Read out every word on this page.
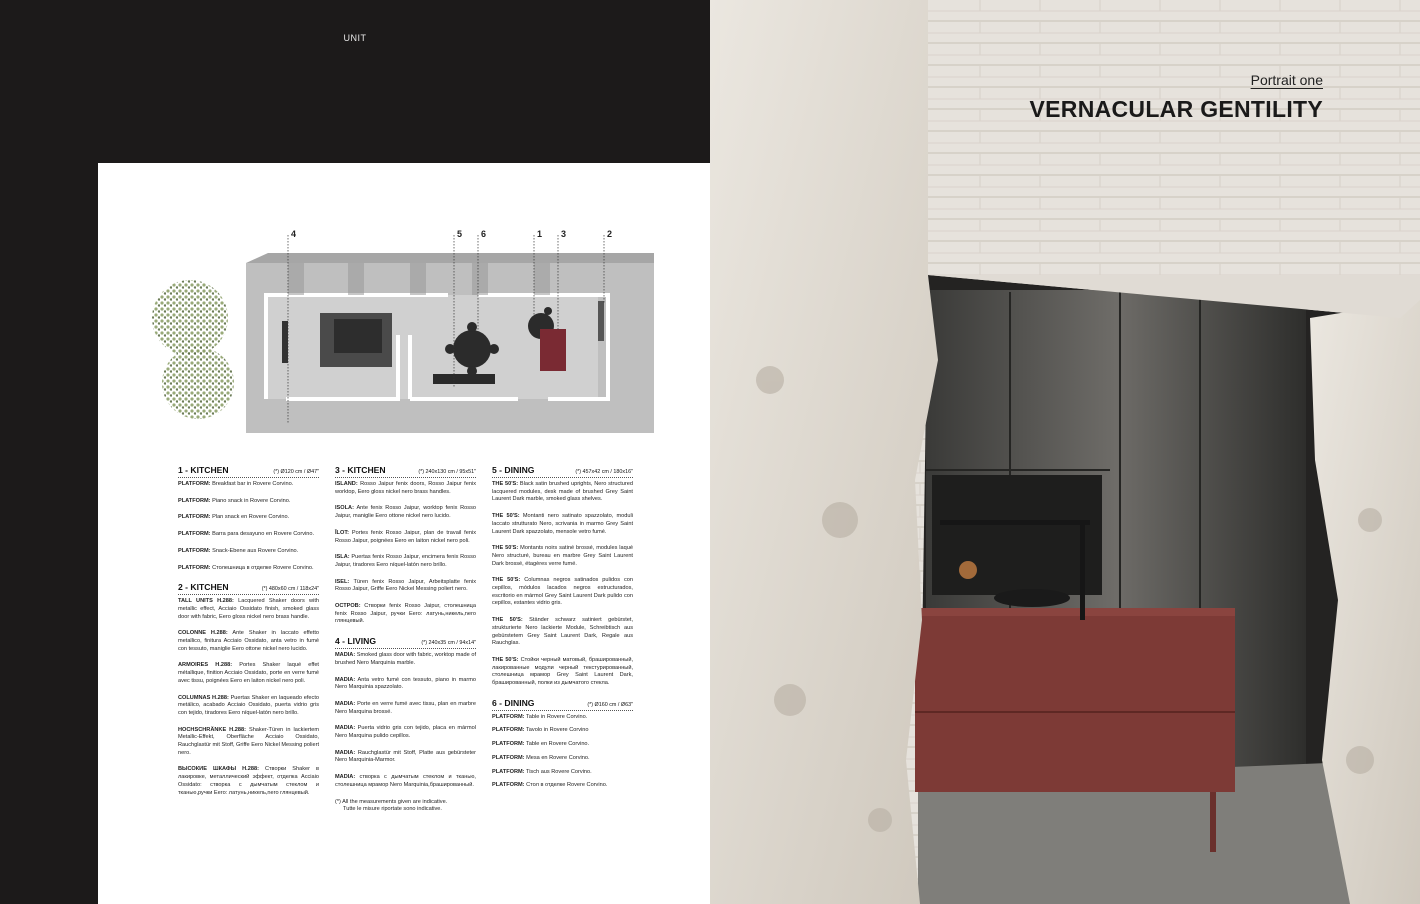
UNIT
4	5 6	1 3	2
1 - KITCHEN	(*) Ø120 cm / Ø47"

PLATFORM: Breakfast bar in Rovere Corvino.

PLATFORM: Piano snack in Rovere Corvino.

PLATFORM: Plan snack en Rovere Corvino.

PLATFORM: Barra para desayuno en Rovere Corvino.

PLATFORM: Snack-Ebene aus Rovere Corvino.

PLATFORM: Столешница в отделке Rovere Corvino.

2 - KITCHEN	(*) 480x60 cm / 118x24"

TALL UNITS H.288: Lacquered Shaker doors with metallic effect, Acciaio Ossidato finish, smoked glass door with fabric, Eero gloss nickel nero brass handle.

COLONNE H.288: Ante Shaker in laccato effetto metallico, finitura Acciaio Ossidato, anta vetro in fumé con tessuto, maniglie Eero ottone nickel nero lucido.

ARMOIRES H.288: Portes Shaker laqué effet métallique, finition Acciaio Ossidato, porte en verre fumé avec tissu, poignées Eero en laiton nickel nero poli.

COLUMNAS H.288: Puertas Shaker en laqueado efecto metálico, acabado Acciaio Ossidato, puerta vidrio gris con tejido, tiradores Eero níquel-latón nero brillo.

HOCHSCHRÄNKE H.288: Shaker-Türen in lackiertem Metallic-Effekt, Oberfläche Acciaio Ossidato, Rauchglastür mit Stoff, Griffe Eero Nickel Messing poliert nero.

ВЫСОКИЕ ШКАФЫ H.288: Створки Shaker в лакировке, металлический эффект, отделка Acciaio Ossidato: створка с дымчатым стеклом и тканью,ручки Eero: латунь,никель,nero глянцевый.

3 - KITCHEN	(*) 240x130 cm / 95x51"

ISLAND: Rosso Jaipur fenix doors, Rosso Jaipur fenix worktop, Eero gloss nickel nero brass handles.

ISOLA: Ante fenix Rosso Jaipur, worktop fenix Rosso Jaipur, maniglie Eero ottone nickel nero lucido.

ÎLOT: Portes fenix Rosso Jaipur, plan de travail fenix Rosso Jaipur, poignées Eero en laiton nickel nero poli.

ISLA: Puertas fenix Rosso Jaipur, encimera fenix Rosso Jaipur, tiradores Eero níquel-latón nero brillo.

ISEL: Türen fenix Rosso Jaipur, Arbeitsplatte fenix Rosso Jaipur, Griffe Eero Nickel Messing poliert nero.

ОСТРОВ: Створки fenix Rosso Jaipur, столешница fenix Rosso Jaipur, ручки Eero: латунь,никель,nero глянцевый.

4 - LIVING	(*) 240x35 cm / 94x14"

MADIA: Smoked glass door with fabric, worktop made of brushed Nero Marquinia marble.

MADIA: Anta vetro fumé con tessuto, piano in marmo Nero Marquinia spazzolato.

MADIA: Porte en verre fumé avec tissu, plan en marbre Nero Marquina brossé.

MADIA: Puerta vidrio gris con tejido, placa en mármol Nero Marquina pulido cepillos.

MADIA: Rauchglastür mit Stoff, Platte aus gebürsteter Nero Marquinia-Marmor.

MADIA: створка с дымчатым стеклом и тканью, столешница мрамор Nero Marquinia,брашированный.

(*) All the measurements given are indicative.
Tutte le misure riportate sono indicative.
5 - DINING	(*) 457x42 cm / 180x16"

THE 50'S: Black satin brushed uprights, Nero structured lacquered modules, desk made of brushed Grey Saint Laurent Dark marble, smoked glass shelves.

THE 50'S: Montanti nero satinato spazzolato, moduli laccato strutturato Nero, scrivania in marmo Grey Saint Laurent Dark spazzolato, mensole vetro fumé.

THE 50'S: Montants noirs satiné brossé, modules laqué Nero structuré, bureau en marbre Grey Saint Laurent Dark brossé, étagères verre fumé.

THE 50'S: Columnas negros satinados pulidos con cepillos, módulos lacados negros estructurados, escritorio en mármol Grey Saint Laurent Dark pulido con cepillos, estantes vidrio gris.

THE 50'S: Ständer schwarz satiniert gebürstet, strukturierte Nero lackierte Module, Schreibtisch aus gebürstetem Grey Saint Laurent Dark, Regale aus Rauchglas.

THE 50'S: Стойки черный матовый, брашированный, лакированные модули черный текстурированный, столешница мрамор Grey Saint Laurent Dark, брашированный, полки из дымчатого стекла.

6 - DINING	(*) Ø160 cm / Ø63"

PLATFORM: Table in Rovere Corvino.

PLATFORM: Tavolo in Rovere Corvino

PLATFORM: Table en Rovere Corvino.

PLATFORM: Mesa en Rovere Corvino.

PLATFORM: Tisch aus Rovere Corvino.

PLATFORM: Стол в отделке Rovere Corvino.

Portrait one
VERNACULAR GENTILITY
